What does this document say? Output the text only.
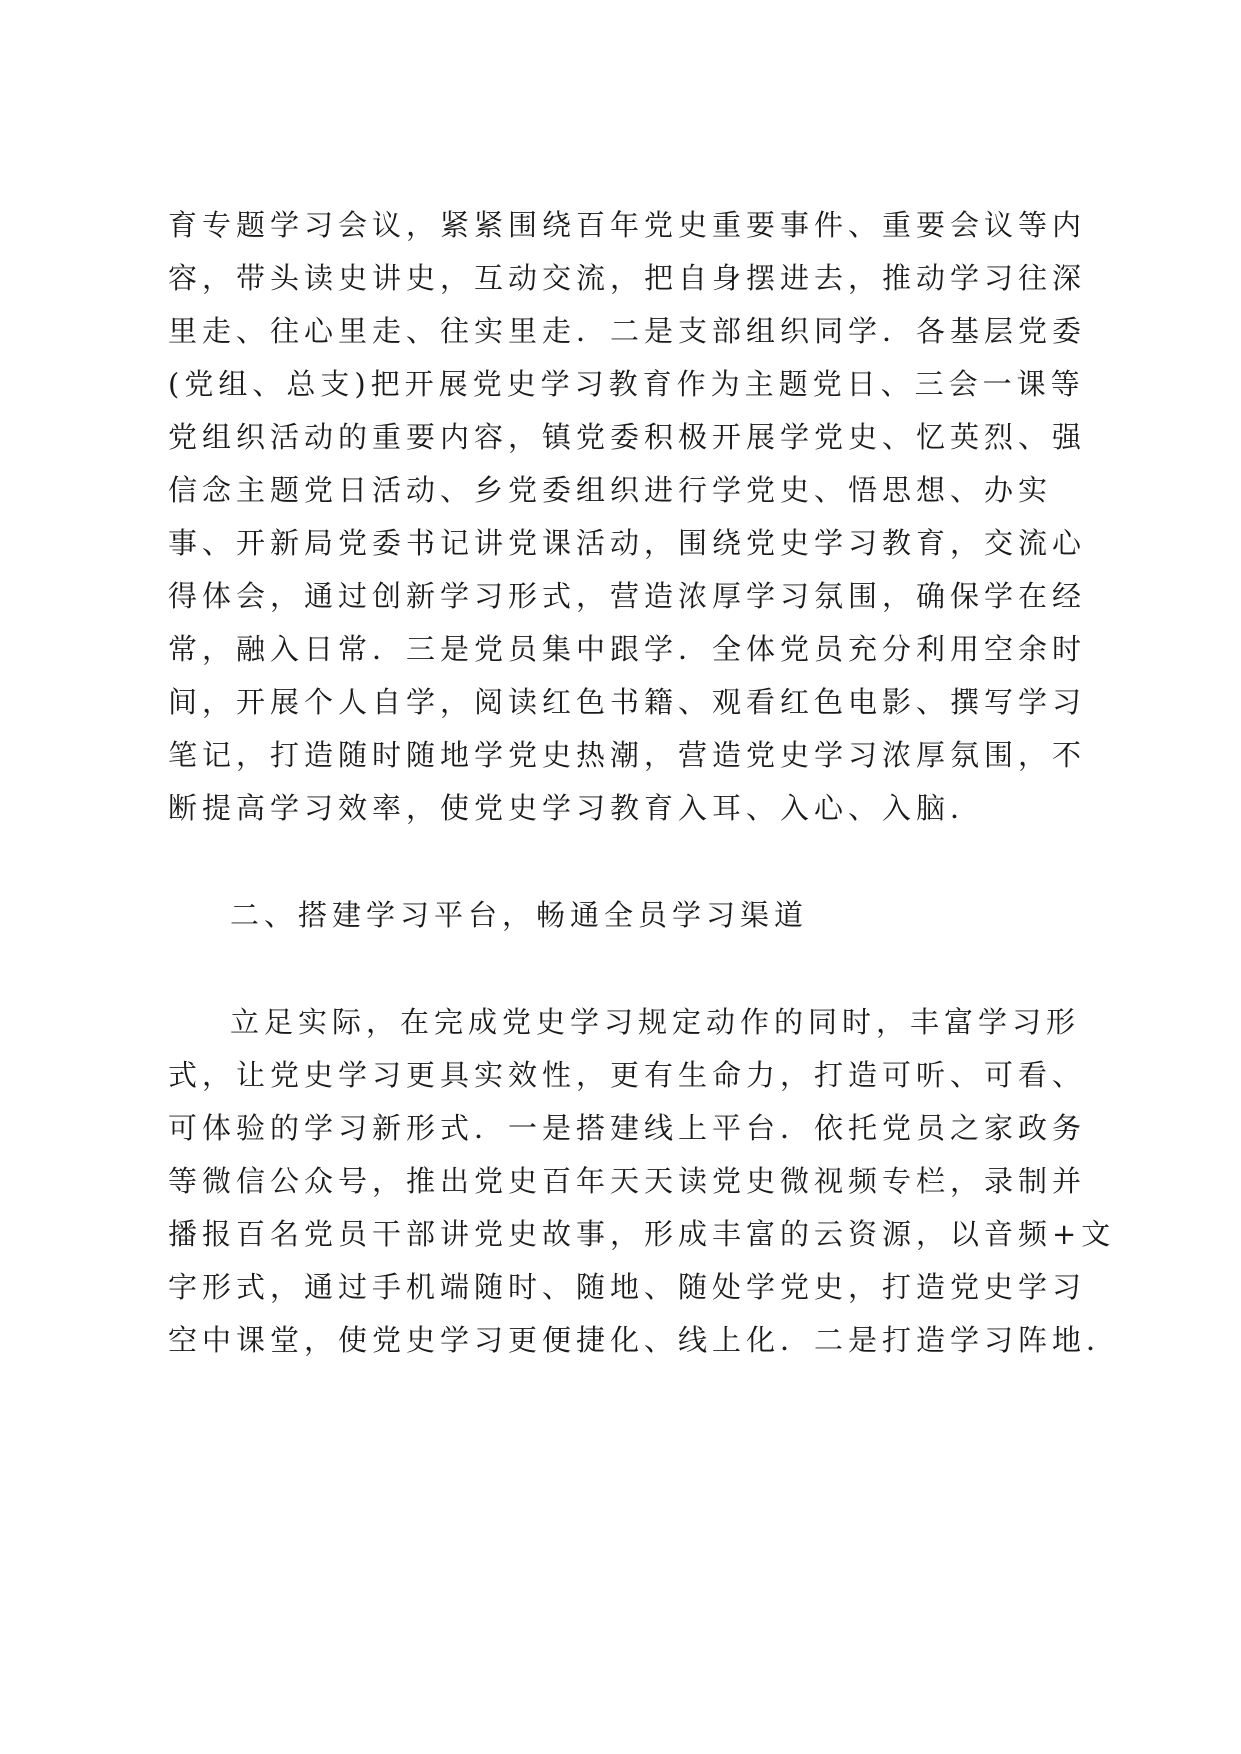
育专题学习会议，紧紧围绕百年党史重要事件、重要会议等内
容，带头读史讲史，互动交流，把自身摆进去，推动学习往深
里走、往心里走、往实里走．二是支部组织同学．各基层党委
(党组、总支)把开展党史学习教育作为主题党日、三会一课等
党组织活动的重要内容，镇党委积极开展学党史、忆英烈、强
信念主题党日活动、乡党委组织进行学党史、悟思想、办实
事、开新局党委书记讲党课活动，围绕党史学习教育，交流心
得体会，通过创新学习形式，营造浓厚学习氛围，确保学在经
常，融入日常．三是党员集中跟学．全体党员充分利用空余时
间，开展个人自学，阅读红色书籍、观看红色电影、撰写学习
笔记，打造随时随地学党史热潮，营造党史学习浓厚氛围，不
断提高学习效率，使党史学习教育入耳、入心、入脑．
二、搭建学习平台，畅通全员学习渠道
立足实际，在完成党史学习规定动作的同时，丰富学习形
式，让党史学习更具实效性，更有生命力，打造可听、可看、
可体验的学习新形式．一是搭建线上平台．依托党员之家政务
等微信公众号，推出党史百年天天读党史微视频专栏，录制并
播报百名党员干部讲党史故事，形成丰富的云资源，以音频+文
字形式，通过手机端随时、随地、随处学党史，打造党史学习
空中课堂，使党史学习更便捷化、线上化．二是打造学习阵地．
